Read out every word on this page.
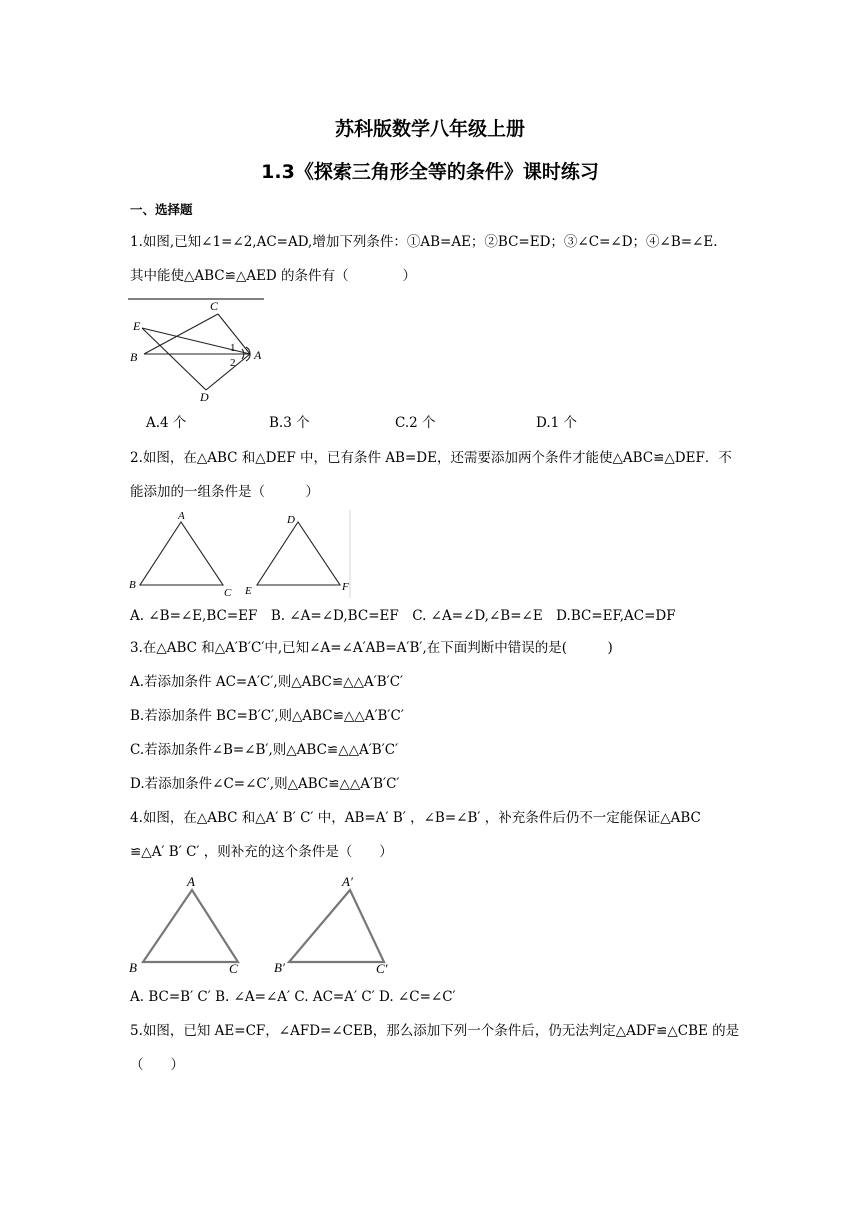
苏科版数学八年级上册
1.3《探索三角形全等的条件》课时练习
一、选择题
1.如图,已知∠1=∠2,AC=AD,增加下列条件：①AB=AE；②BC=ED；③∠C=∠D；④∠B=∠E.
其中能使△ABC≌△AED 的条件有（　　　　）
C
E
B	A
D
1
2
A.4 个	B.3 个	C.2 个	D.1 个
2.如图，在△ABC 和△DEF 中，已有条件 AB=DE，还需要添加两个条件才能使△ABC≌△DEF．不
能添加的一组条件是（　　　）
A
B
C
D
E	F
A. ∠B=∠E,BC=EF　B. ∠A=∠D,BC=EF　C. ∠A=∠D,∠B=∠E　D.BC=EF,AC=DF
3.在△ABC 和△A′B′C′中,已知∠A=∠A′AB=A′B′,在下面判断中错误的是(　　　)
A.若添加条件 AC=A′C′,则△ABC≌△△A′B′C′
B.若添加条件 BC=B′C′,则△ABC≌△△A′B′C′
C.若添加条件∠B=∠B′,则△ABC≌△△A′B′C′
D.若添加条件∠C=∠C′,则△ABC≌△△A′B′C′
4.如图，在△ABC 和△A′ B′ C′ 中，AB=A′ B′ ，∠B=∠B′ ，补充条件后仍不一定能保证△ABC
≌△A′ B′ C′ ，则补充的这个条件是（　　）
A
B	C
A′
B′	C′
A. BC=B′ C′ B. ∠A=∠A′ C. AC=A′ C′ D. ∠C=∠C′
5.如图，已知 AE=CF，∠AFD=∠CEB，那么添加下列一个条件后，仍无法判定△ADF≌△CBE 的是
（　　）
